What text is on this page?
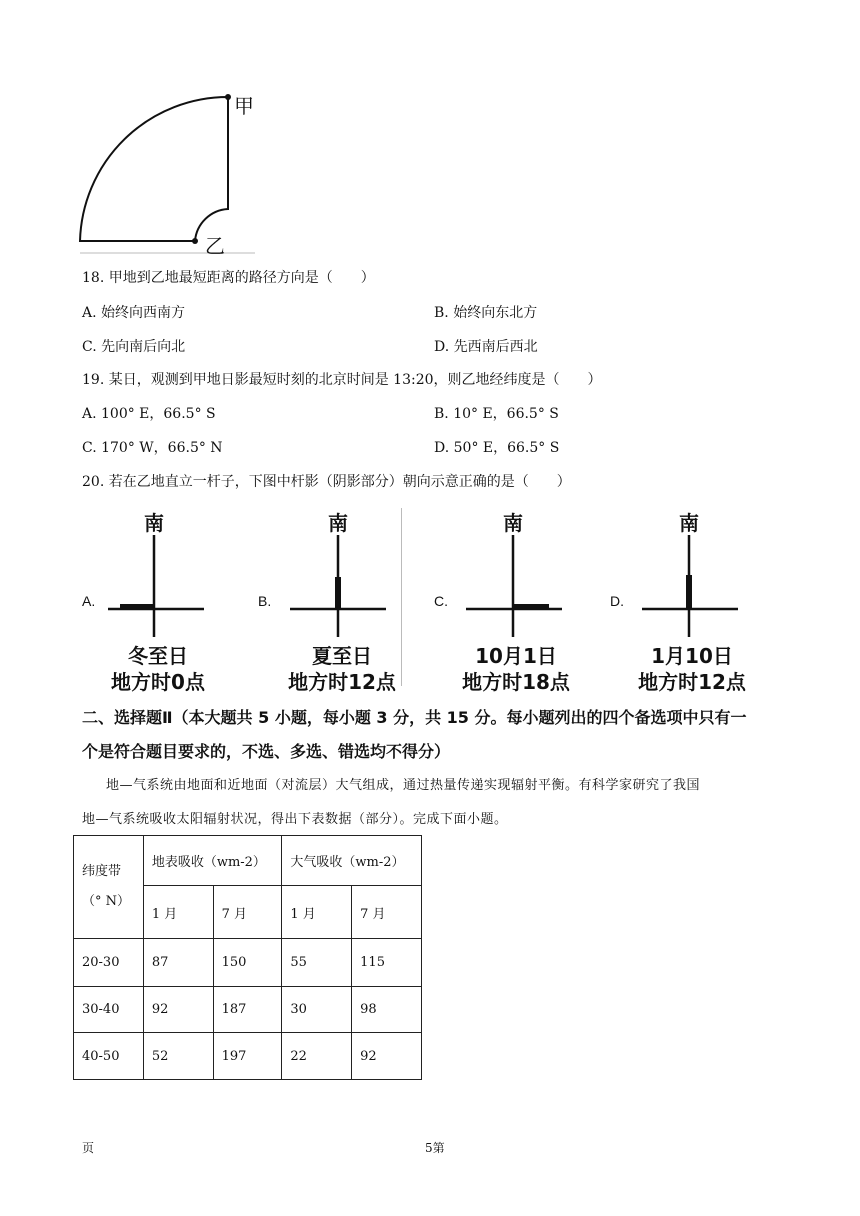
甲
乙
18. 甲地到乙地最短距离的路径方向是（　　）
A. 始终向西南方	B. 始终向东北方
C. 先向南后向北	D. 先西南后西北
19. 某日，观测到甲地日影最短时刻的北京时间是 13:20，则乙地经纬度是（　　）
A. 100° E，66.5° S	B. 10° E，66.5° S
C. 170° W，66.5° N	D. 50° E，66.5° S
20. 若在乙地直立一杆子，下图中杆影（阴影部分）朝向示意正确的是（　　）
A.
南
冬至日
地方时0点
B.
南
夏至日
地方时12点
C.
南
10月1日
地方时18点
D.
南
1月10日
地方时12点
二、选择题Ⅱ（本大题共 5 小题，每小题 3 分，共 15 分。每小题列出的四个备选项中只有一
个是符合题目要求的，不选、多选、错选均不得分）
地—气系统由地面和近地面（对流层）大气组成，通过热量传递实现辐射平衡。有科学家研究了我国
地—气系统吸收太阳辐射状况，得出下表数据（部分）。完成下面小题。
纬度带
（° N）	地表吸收（wm-2）		大气吸收（wm-2）	
	1 月	7 月	1 月	7 月
20-30	87	150	55	115
30-40	92	187	30	98
40-50	52	197	22	92
页	5第
